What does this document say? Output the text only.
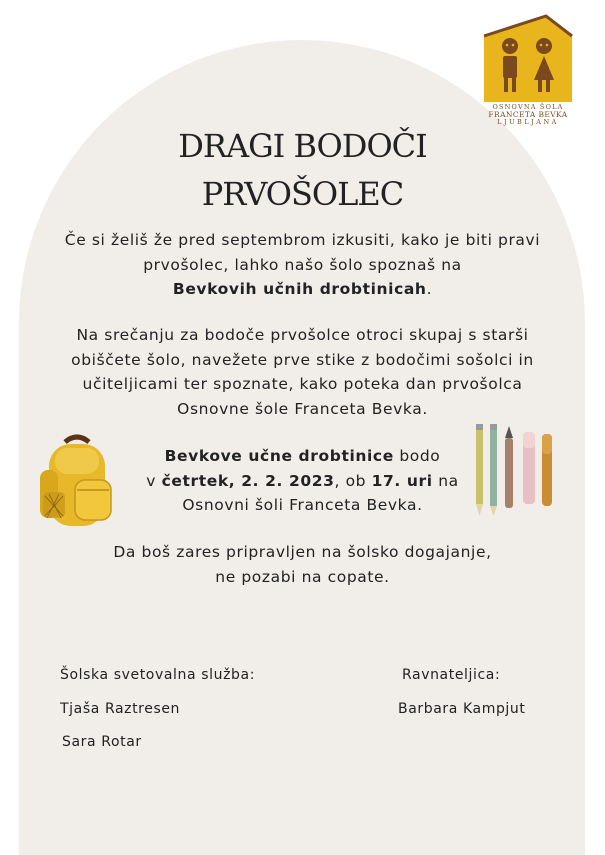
OSNOVNA ŠOLA
FRANCETA BEVKA
LJUBLJANA
DRAGI BODOČI
PRVOŠOLEC
Če si želiš že pred septembrom izkusiti, kako je biti pravi prvošolec, lahko našo šolo spoznaš na
Bevkovih učnih drobtinicah.
Na srečanju za bodoče prvošolce otroci skupaj s starši obiščete šolo, navežete prve stike z bodočimi sošolci in učiteljicami ter spoznate, kako poteka dan prvošolca Osnovne šole Franceta Bevka.
Bevkove učne drobtinice bodo
v četrtek, 2. 2. 2023, ob 17. uri na
Osnovni šoli Franceta Bevka.
Da boš zares pripravljen na šolsko dogajanje,
ne pozabi na copate.
Šolska svetovalna služba:
Tjaša Raztresen
Sara Rotar
Ravnateljica:
Barbara Kampjut
